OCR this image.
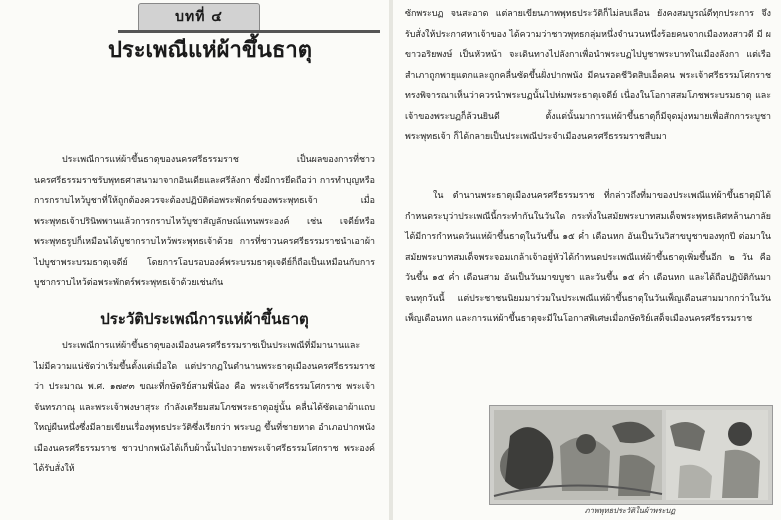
บทที่ ๔
ประเพณีแห่ผ้าขึ้นธาตุ

ประเพณีการแห่ผ้าขึ้นธาตุของนครศรีธรรมราช เป็นผลของการที่ชาวนครศรีธรรมราชรับพุทธศาสนามาจากอินเดียและศรีลังกา ซึ่งมีการยึดถือว่า การทำบุญหรือการกราบไหว้บูชาที่ให้ถูกต้องควรจะต้องปฏิบัติต่อพระพักตร์ของพระพุทธเจ้า เมื่อพระพุทธเจ้าปรินิพพานแล้วการกราบไหว้บูชาสัญลักษณ์แทนพระองค์ เช่น เจดีย์หรือพระพุทธรูปก็เหมือนได้บูชากราบไหว้พระพุทธเจ้าด้วย การที่ชาวนครศรีธรรมราชนำเอาผ้าไปบูชาพระบรมธาตุเจดีย์ โดยการโอบรอบองค์พระบรมธาตุเจดีย์ก็ถือเป็นเหมือนกับการบูชากราบไหว้ต่อพระพักตร์พระพุทธเจ้าด้วยเช่นกัน

ประวัติประเพณีการแห่ผ้าขึ้นธาตุ

ประเพณีการแห่ผ้าขึ้นธาตุของเมืองนครศรีธรรมราชเป็นประเพณีที่มีมานานและไม่มีความแน่ชัดว่าเริ่มขึ้นตั้งแต่เมื่อใด แต่ปรากฏในตำนานพระธาตุเมืองนครศรีธรรมราชว่า ประมาณ พ.ศ. ๑๗๙๓ ขณะที่กษัตริย์สามพี่น้อง คือ พระเจ้าศรีธรรมโศกราช พระเจ้าจันทรภาณุ และพระเจ้าพงษาสุระ กำลังเตรียมสมโภชพระธาตุอยู่นั้น คลื่นได้ซัดเอาผ้าแถบใหญ่ผืนหนึ่งซึ่งมีลายเขียนเรื่องพุทธประวัติซึ่งเรียกว่า พระบฏ ขึ้นที่ชายหาด อำเภอปากพนัง เมืองนครศรีธรรมราช ชาวปากพนังได้เก็บผ้านั้นไปถวายพระเจ้าศรีธรรมโศกราช พระองค์ได้รับสั่งให้

ซักพระบฏ จนสะอาด แต่ลายเขียนภาพพุทธประวัติก็ไม่ลบเลือน ยังคงสมบูรณ์ดีทุกประการ จึงรับสั่งให้ประกาศหาเจ้าของ ได้ความว่าชาวพุทธกลุ่มหนึ่งจำนวนหนึ่งร้อยคนจากเมืองหงสาวดี มี ผขาวอริยพงษ์ เป็นหัวหน้า จะเดินทางไปลังกาเพื่อนำพระบฏไปบูชาพระบาทในเมืองลังกา แต่เรือสำเภาถูกพายุแตกและถูกคลื่นซัดขึ้นฝั่งปากพนัง มีคนรอดชีวิตสิบเอ็ดคน พระเจ้าศรีธรรมโศกราชทรงพิจารณาเห็นว่าควรนำพระบฏนั้นไปห่มพระธาตุเจดีย์ เนื่องในโอกาสสมโภชพระบรมธาตุ และเจ้าของพระบฏก็ล้วนยินดี ตั้งแต่นั้นมาการแห่ผ้าขึ้นธาตุก็มีจุดมุ่งหมายเพื่อสักการะบูชาพระพุทธเจ้า ก็ได้กลายเป็นประเพณีประจำเมืองนครศรีธรรมราชสืบมา

ใน ตำนานพระธาตุเมืองนครศรีธรรมราช ที่กล่าวถึงที่มาของประเพณีแห่ผ้าขึ้นธาตุมิได้กำหนดระบุว่าประเพณีนี้กระทำกันในวันใด กระทั่งในสมัยพระบาทสมเด็จพระพุทธเลิศหล้านภาลัย ได้มีการกำหนดวันแห่ผ้าขึ้นธาตุในวันขึ้น ๑๕ ค่ำ เดือนหก อันเป็นวันวิสาขบูชาของทุกปี ต่อมาในสมัยพระบาทสมเด็จพระจอมเกล้าเจ้าอยู่หัวได้กำหนดประเพณีแห่ผ้าขึ้นธาตุเพิ่มขึ้นอีก ๒ วัน คือ วันขึ้น ๑๕ ค่ำ เดือนสาม อันเป็นวันมาฆบูชา และวันขึ้น ๑๕ ค่ำ เดือนหก และได้ถือปฏิบัติกันมาจนทุกวันนี้ แต่ประชาชนนิยมมาร่วมในประเพณีแห่ผ้าขึ้นธาตุในวันเพ็ญเดือนสามมากกว่าในวันเพ็ญเดือนหก และการแห่ผ้าขึ้นธาตุจะมีในโอกาสพิเศษเมื่อกษัตริย์เสด็จเมืองนครศรีธรรมราช

ภาพพุทธประวัติในผ้าพระบฏ
